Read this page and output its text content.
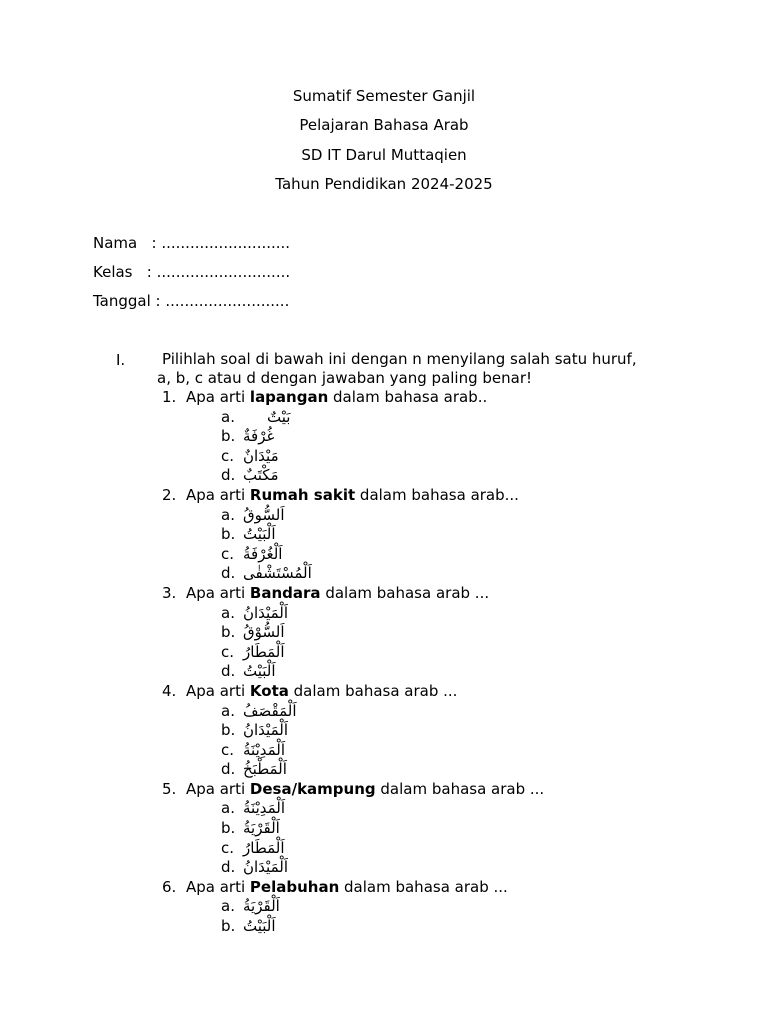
Sumatif Semester Ganjil
Pelajaran Bahasa Arab
SD IT Darul Muttaqien
Tahun Pendidikan 2024-2025
Nama   : ...........................
Kelas   : ............................
Tanggal : ..........................
I. Pilihlah soal di bawah ini dengan n menyilang salah satu huruf,
a, b, c atau d dengan jawaban yang paling benar!
1. Apa arti lapangan dalam bahasa arab..
a. بَيْتٌ
b. غُرْفَةٌ
c. مَيْدَانٌ
d. مَكْتَبٌ
2. Apa arti Rumah sakit dalam bahasa arab...
a. اَلسُّوقُ
b. اَلْبَيْتُ
c. اَلْغُرْفَةُ
d. اَلْمُسْتَشْفٰى
3. Apa arti Bandara dalam bahasa arab ...
a. اَلْمَيْدَانُ
b. اَلسُّوْقُ
c. اَلْمَطَارُ
d. اَلْبَيْتُ
4. Apa arti Kota dalam bahasa arab ...
a. اَلْمَقْصَفُ
b. اَلْمَيْدَانُ
c. اَلْمَدِيْنَةُ
d. اَلْمَطْبَخُ
5. Apa arti Desa/kampung dalam bahasa arab ...
a. اَلْمَدِيْنَةُ
b. اَلْقَرْيَةُ
c. اَلْمَطَارُ
d. اَلْمَيْدَانُ
6. Apa arti Pelabuhan dalam bahasa arab ...
a. اَلْقَرْيَةُ
b. اَلْبَيْتُ
